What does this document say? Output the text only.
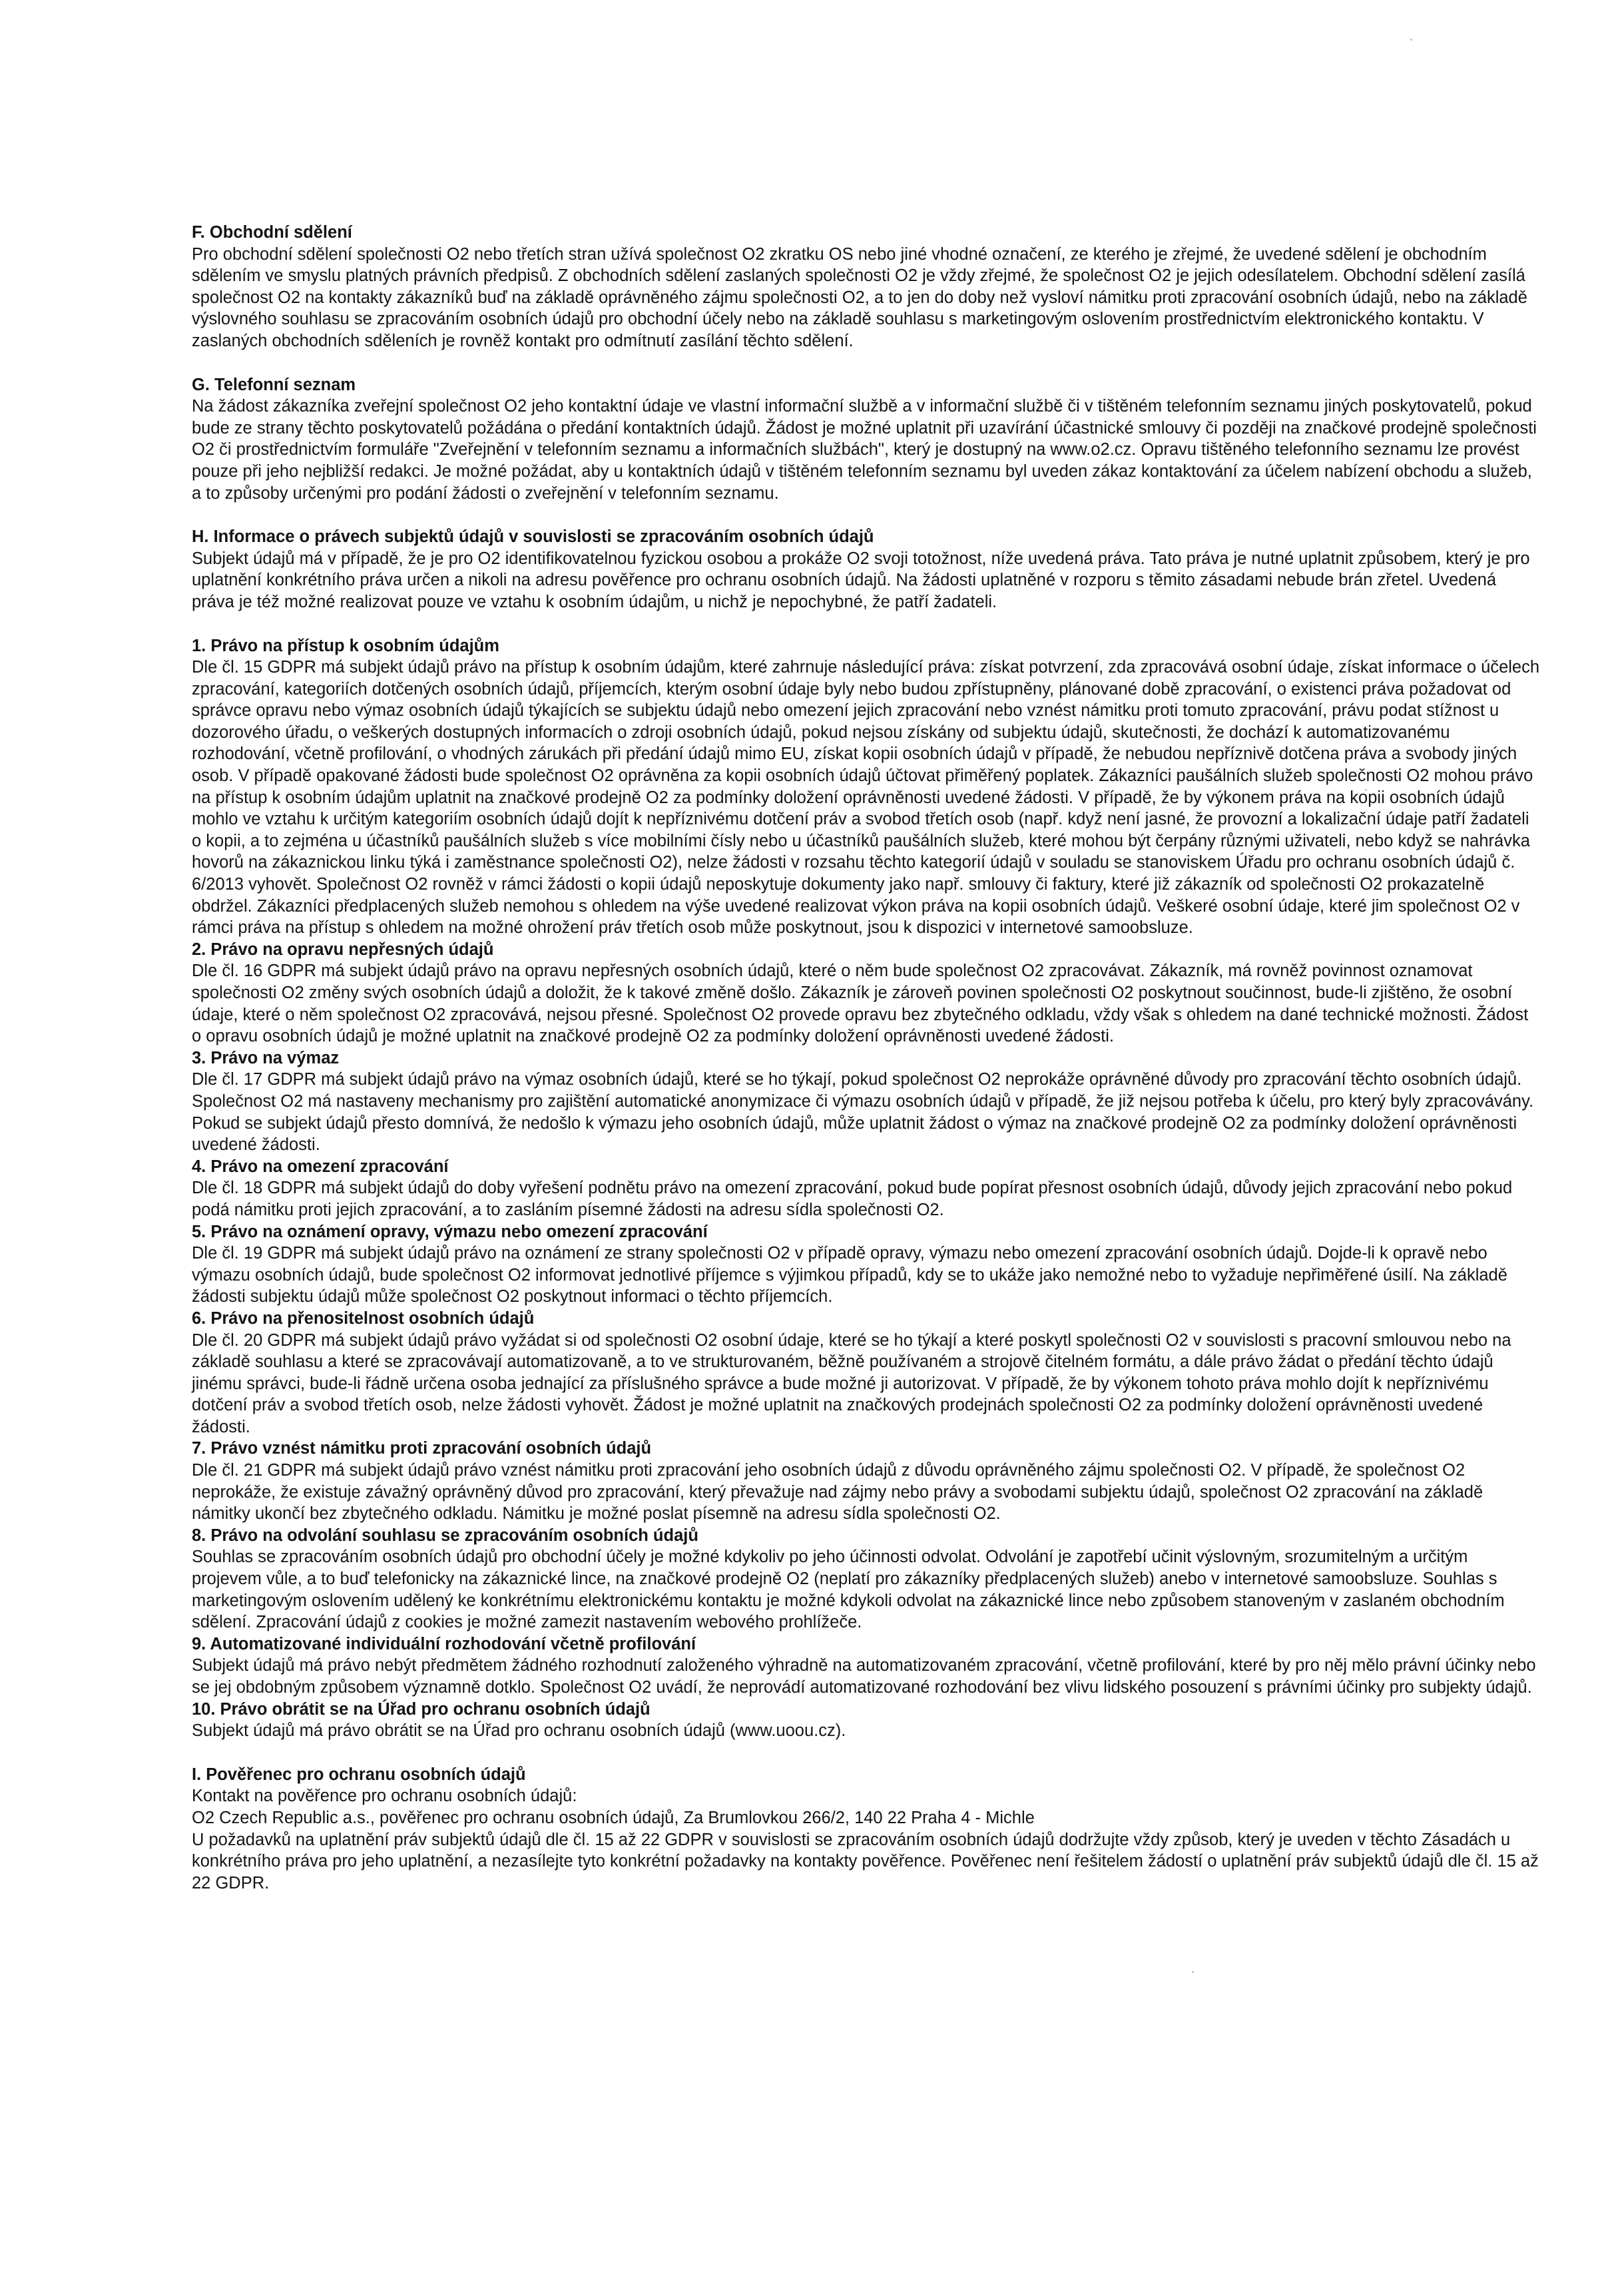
F. Obchodní sdělení

Pro obchodní sdělení společnosti O2 nebo třetích stran užívá společnost O2 zkratku OS nebo jiné vhodné označení, ze kterého je zřejmé, že uvedené sdělení je obchodním sdělením ve smyslu platných právních předpisů. Z obchodních sdělení zaslaných společnosti O2 je vždy zřejmé, že společnost O2 je jejich odesílatelem. Obchodní sdělení zasílá společnost O2 na kontakty zákazníků buď na základě oprávněného zájmu společnosti O2, a to jen do doby než vysloví námitku proti zpracování osobních údajů, nebo na základě výslovného souhlasu se zpracováním osobních údajů pro obchodní účely nebo na základě souhlasu s marketingovým oslovením prostřednictvím elektronického kontaktu. V zaslaných obchodních sděleních je rovněž kontakt pro odmítnutí zasílání těchto sdělení.

G. Telefonní seznam

Na žádost zákazníka zveřejní společnost O2 jeho kontaktní údaje ve vlastní informační službě a v informační službě či v tištěném telefonním seznamu jiných poskytovatelů, pokud bude ze strany těchto poskytovatelů požádána o předání kontaktních údajů. Žádost je možné uplatnit při uzavírání účastnické smlouvy či později na značkové prodejně společnosti O2 či prostřednictvím formuláře "Zveřejnění v telefonním seznamu a informačních službách", který je dostupný na www.o2.cz. Opravu tištěného telefonního seznamu lze provést pouze při jeho nejbližší redakci. Je možné požádat, aby u kontaktních údajů v tištěném telefonním seznamu byl uveden zákaz kontaktování za účelem nabízení obchodu a služeb, a to způsoby určenými pro podání žádosti o zveřejnění v telefonním seznamu.

H. Informace o právech subjektů údajů v souvislosti se zpracováním osobních údajů

Subjekt údajů má v případě, že je pro O2 identifikovatelnou fyzickou osobou a prokáže O2 svoji totožnost, níže uvedená práva. Tato práva je nutné uplatnit způsobem, který je pro uplatnění konkrétního práva určen a nikoli na adresu pověřence pro ochranu osobních údajů. Na žádosti uplatněné v rozporu s těmito zásadami nebude brán zřetel. Uvedená práva je též možné realizovat pouze ve vztahu k osobním údajům, u nichž je nepochybné, že patří žadateli.

1. Právo na přístup k osobním údajům

Dle čl. 15 GDPR má subjekt údajů právo na přístup k osobním údajům, které zahrnuje následující práva: získat potvrzení, zda zpracovává osobní údaje, získat informace o účelech zpracování, kategoriích dotčených osobních údajů, příjemcích, kterým osobní údaje byly nebo budou zpřístupněny, plánované době zpracování, o existenci práva požadovat od správce opravu nebo výmaz osobních údajů týkajících se subjektu údajů nebo omezení jejich zpracování nebo vznést námitku proti tomuto zpracování, právu podat stížnost u dozorového úřadu, o veškerých dostupných informacích o zdroji osobních údajů, pokud nejsou získány od subjektu údajů, skutečnosti, že dochází k automatizovanému rozhodování, včetně profilování, o vhodných zárukách při předání údajů mimo EU, získat kopii osobních údajů v případě, že nebudou nepříznivě dotčena práva a svobody jiných osob. V případě opakované žádosti bude společnost O2 oprávněna za kopii osobních údajů účtovat přiměřený poplatek. Zákazníci paušálních služeb společnosti O2 mohou právo na přístup k osobním údajům uplatnit na značkové prodejně O2 za podmínky doložení oprávněnosti uvedené žádosti. V případě, že by výkonem práva na kopii osobních údajů mohlo ve vztahu k určitým kategoriím osobních údajů dojít k nepříznivému dotčení práv a svobod třetích osob (např. když není jasné, že provozní a lokalizační údaje patří žadateli o kopii, a to zejména u účastníků paušálních služeb s více mobilními čísly nebo u účastníků paušálních služeb, které mohou být čerpány různými uživateli, nebo když se nahrávka hovorů na zákaznickou linku týká i zaměstnance společnosti O2), nelze žádosti v rozsahu těchto kategorií údajů v souladu se stanoviskem Úřadu pro ochranu osobních údajů č. 6/2013 vyhovět. Společnost O2 rovněž v rámci žádosti o kopii údajů neposkytuje dokumenty jako např. smlouvy či faktury, které již zákazník od společnosti O2 prokazatelně obdržel. Zákazníci předplacených služeb nemohou s ohledem na výše uvedené realizovat výkon práva na kopii osobních údajů. Veškeré osobní údaje, které jim společnost O2 v rámci práva na přístup s ohledem na možné ohrožení práv třetích osob může poskytnout, jsou k dispozici v internetové samoobsluze.

2. Právo na opravu nepřesných údajů

Dle čl. 16 GDPR má subjekt údajů právo na opravu nepřesných osobních údajů, které o něm bude společnost O2 zpracovávat. Zákazník, má rovněž povinnost oznamovat společnosti O2 změny svých osobních údajů a doložit, že k takové změně došlo. Zákazník je zároveň povinen společnosti O2 poskytnout součinnost, bude-li zjištěno, že osobní údaje, které o něm společnost O2 zpracovává, nejsou přesné. Společnost O2 provede opravu bez zbytečného odkladu, vždy však s ohledem na dané technické možnosti. Žádost o opravu osobních údajů je možné uplatnit na značkové prodejně O2 za podmínky doložení oprávněnosti uvedené žádosti.

3. Právo na výmaz

Dle čl. 17 GDPR má subjekt údajů právo na výmaz osobních údajů, které se ho týkají, pokud společnost O2 neprokáže oprávněné důvody pro zpracování těchto osobních údajů. Společnost O2 má nastaveny mechanismy pro zajištění automatické anonymizace či výmazu osobních údajů v případě, že již nejsou potřeba k účelu, pro který byly zpracovávány. Pokud se subjekt údajů přesto domnívá, že nedošlo k výmazu jeho osobních údajů, může uplatnit žádost o výmaz na značkové prodejně O2 za podmínky doložení oprávněnosti uvedené žádosti.

4. Právo na omezení zpracování

Dle čl. 18 GDPR má subjekt údajů do doby vyřešení podnětu právo na omezení zpracování, pokud bude popírat přesnost osobních údajů, důvody jejich zpracování nebo pokud podá námitku proti jejich zpracování, a to zasláním písemné žádosti na adresu sídla společnosti O2.

5. Právo na oznámení opravy, výmazu nebo omezení zpracování

Dle čl. 19 GDPR má subjekt údajů právo na oznámení ze strany společnosti O2 v případě opravy, výmazu nebo omezení zpracování osobních údajů. Dojde-li k opravě nebo výmazu osobních údajů, bude společnost O2 informovat jednotlivé příjemce s výjimkou případů, kdy se to ukáže jako nemožné nebo to vyžaduje nepřiměřené úsilí. Na základě žádosti subjektu údajů může společnost O2 poskytnout informaci o těchto příjemcích.

6. Právo na přenositelnost osobních údajů

Dle čl. 20 GDPR má subjekt údajů právo vyžádat si od společnosti O2 osobní údaje, které se ho týkají a které poskytl společnosti O2 v souvislosti s pracovní smlouvou nebo na základě souhlasu a které se zpracovávají automatizovaně, a to ve strukturovaném, běžně používaném a strojově čitelném formátu, a dále právo žádat o předání těchto údajů jinému správci, bude-li řádně určena osoba jednající za příslušného správce a bude možné ji autorizovat. V případě, že by výkonem tohoto práva mohlo dojít k nepříznivému dotčení práv a svobod třetích osob, nelze žádosti vyhovět. Žádost je možné uplatnit na značkových prodejnách společnosti O2 za podmínky doložení oprávněnosti uvedené žádosti.

7. Právo vznést námitku proti zpracování osobních údajů

Dle čl. 21 GDPR má subjekt údajů právo vznést námitku proti zpracování jeho osobních údajů z důvodu oprávněného zájmu společnosti O2. V případě, že společnost O2 neprokáže, že existuje závažný oprávněný důvod pro zpracování, který převažuje nad zájmy nebo právy a svobodami subjektu údajů, společnost O2 zpracování na základě námitky ukončí bez zbytečného odkladu. Námitku je možné poslat písemně na adresu sídla společnosti O2.

8. Právo na odvolání souhlasu se zpracováním osobních údajů

Souhlas se zpracováním osobních údajů pro obchodní účely je možné kdykoliv po jeho účinnosti odvolat. Odvolání je zapotřebí učinit výslovným, srozumitelným a určitým projevem vůle, a to buď telefonicky na zákaznické lince, na značkové prodejně O2 (neplatí pro zákazníky předplacených služeb) anebo v internetové samoobsluze. Souhlas s marketingovým oslovením udělený ke konkrétnímu elektronickému kontaktu je možné kdykoli odvolat na zákaznické lince nebo způsobem stanoveným v zaslaném obchodním sdělení. Zpracování údajů z cookies je možné zamezit nastavením webového prohlížeče.

9. Automatizované individuální rozhodování včetně profilování

Subjekt údajů má právo nebýt předmětem žádného rozhodnutí založeného výhradně na automatizovaném zpracování, včetně profilování, které by pro něj mělo právní účinky nebo se jej obdobným způsobem významně dotklo. Společnost O2 uvádí, že neprovádí automatizované rozhodování bez vlivu lidského posouzení s právními účinky pro subjekty údajů.

10. Právo obrátit se na Úřad pro ochranu osobních údajů

Subjekt údajů má právo obrátit se na Úřad pro ochranu osobních údajů (www.uoou.cz).

I. Pověřenec pro ochranu osobních údajů

Kontakt na pověřence pro ochranu osobních údajů:

O2 Czech Republic a.s., pověřenec pro ochranu osobních údajů, Za Brumlovkou 266/2, 140 22 Praha 4 - Michle

U požadavků na uplatnění práv subjektů údajů dle čl. 15 až 22 GDPR v souvislosti se zpracováním osobních údajů dodržujte vždy způsob, který je uveden v těchto Zásadách u konkrétního práva pro jeho uplatnění, a nezasílejte tyto konkrétní požadavky na kontakty pověřence. Pověřenec není řešitelem žádostí o uplatnění práv subjektů údajů dle čl. 15 až 22 GDPR.
